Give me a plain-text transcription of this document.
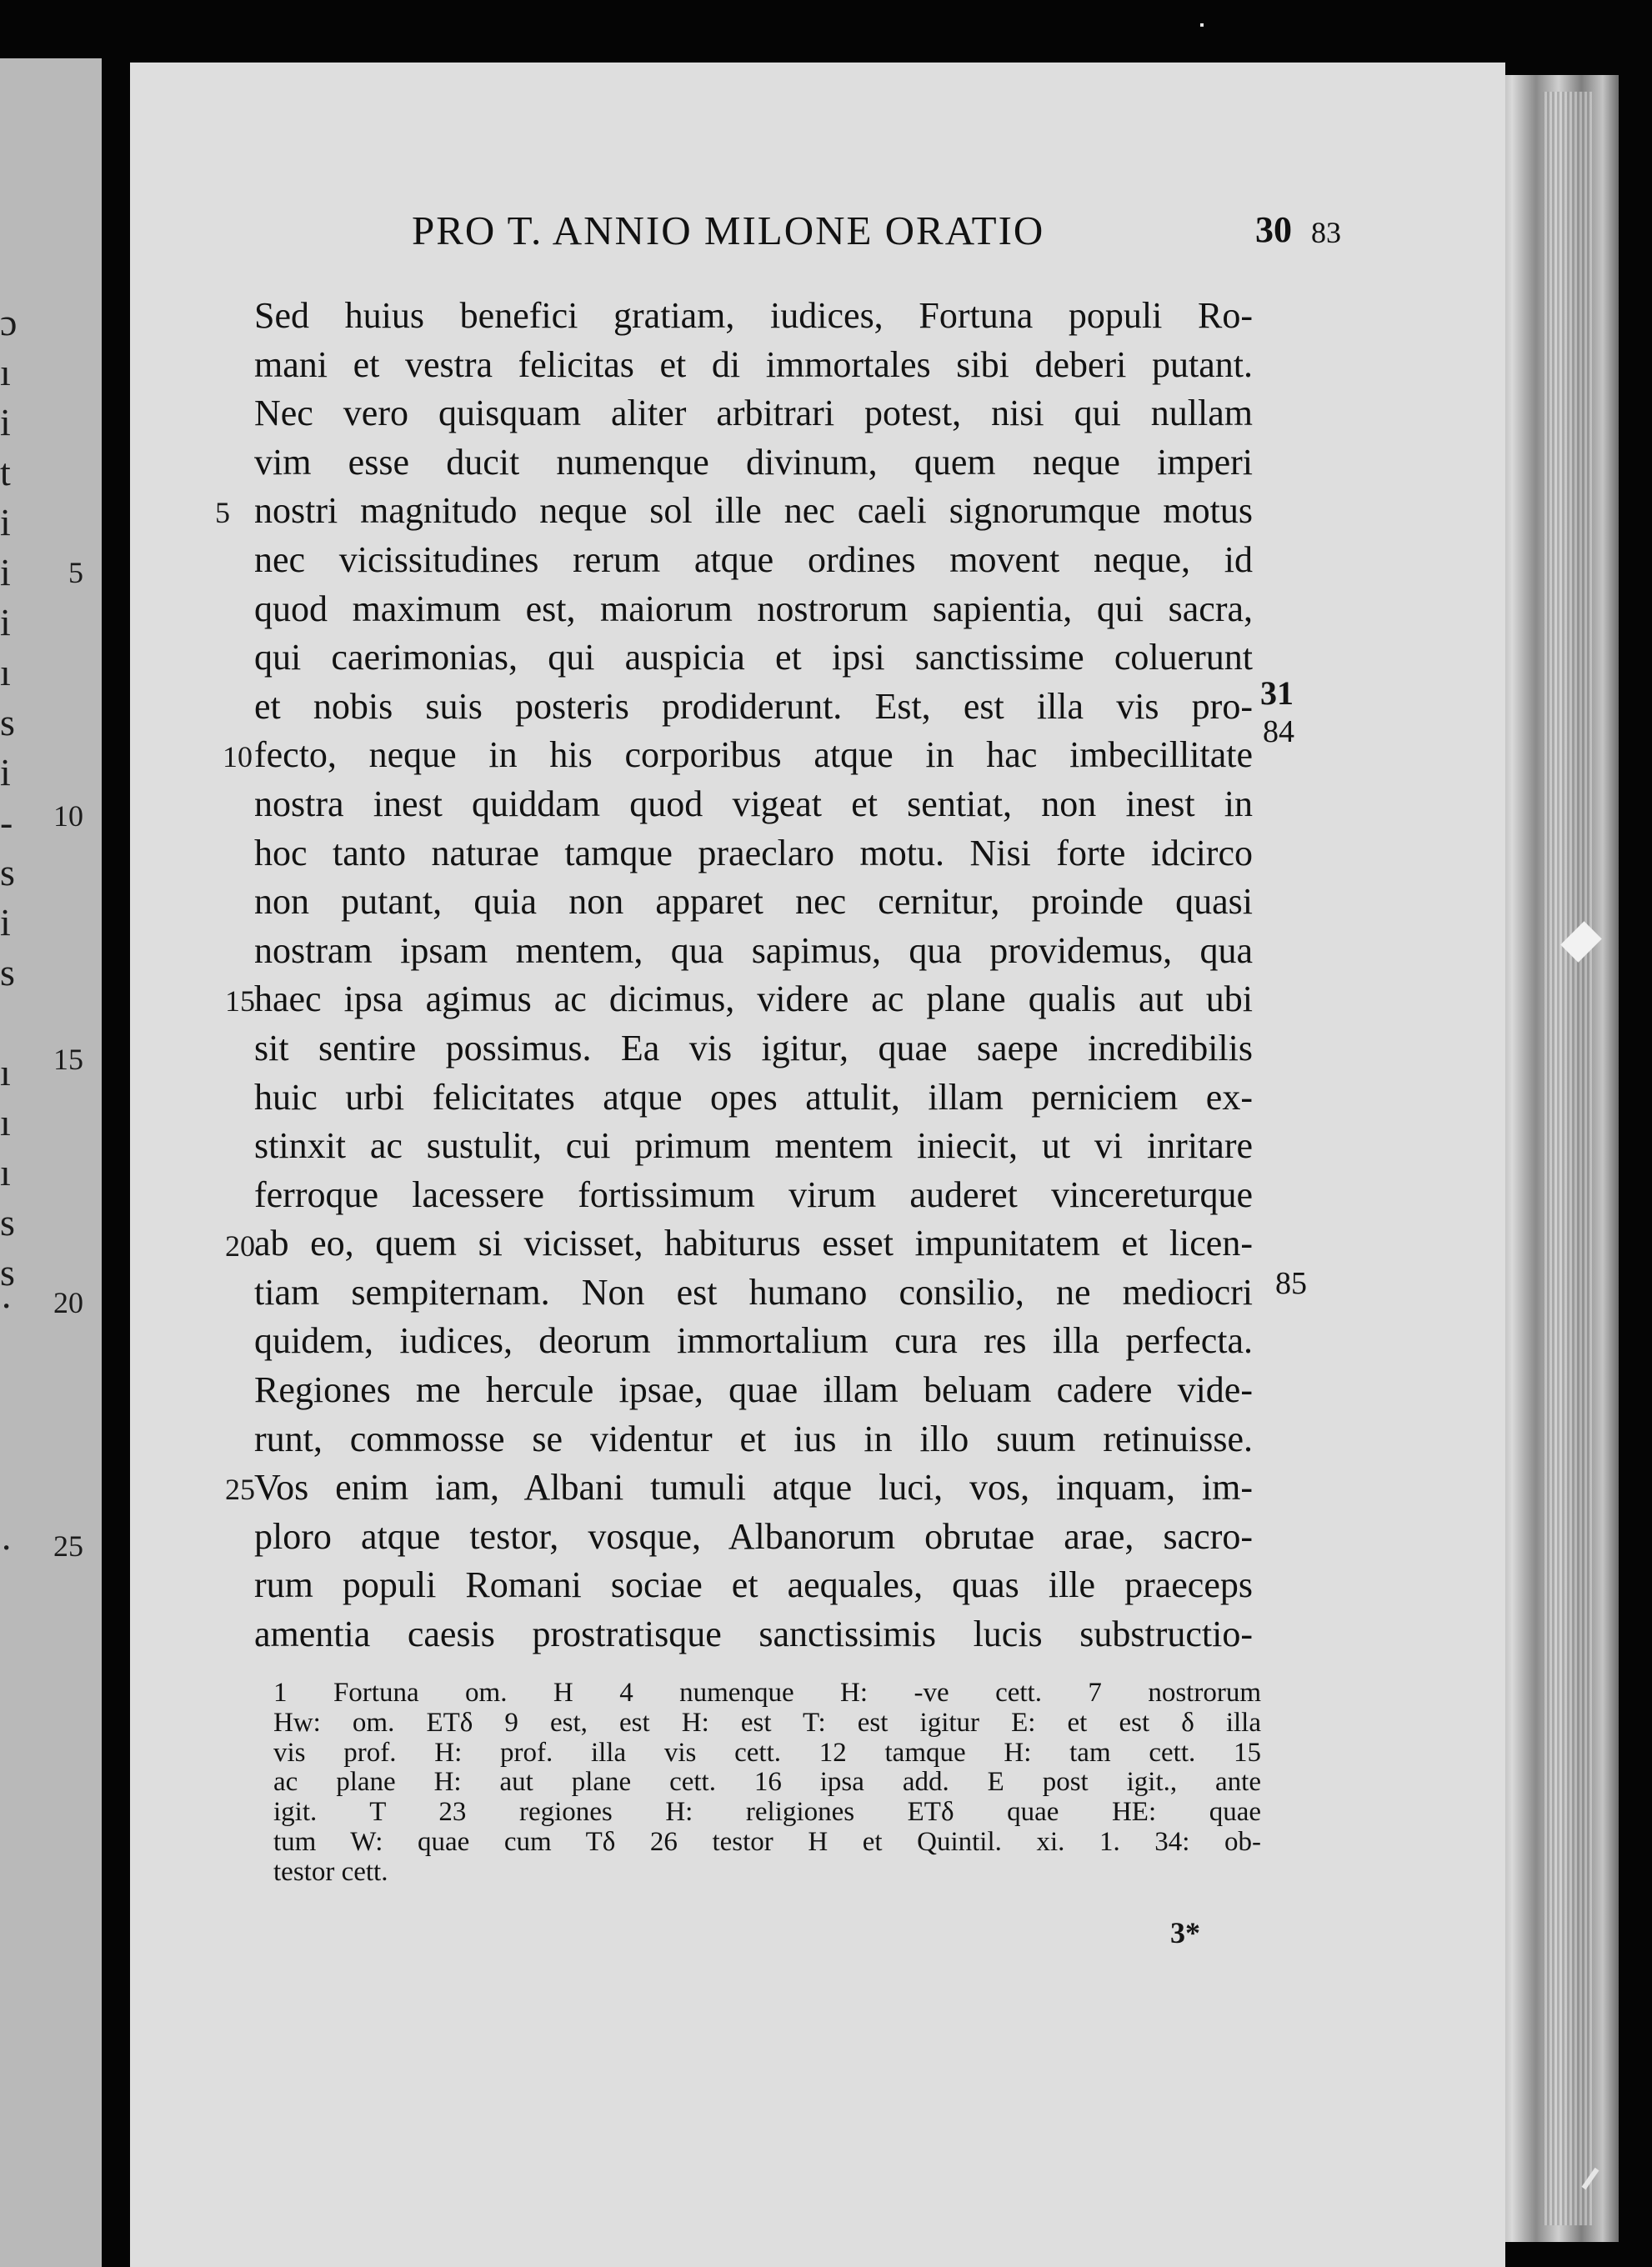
ɔ
ı
i
t
i
i
i
ı
s
i
-
s
i
s
ı
ı
ı
s
s
·
·
5
10
15
20
25
PRO T. ANNIO MILONE ORATIO	30 83
Sed huius benefici gratiam, iudices, Fortuna populi Ro-
mani et vestra felicitas et di immortales sibi deberi putant.
Nec vero quisquam aliter arbitrari potest, nisi qui nullam
vim esse ducit numenque divinum, quem neque imperi
nostri magnitudo neque sol ille nec caeli signorumque motus
nec vicissitudines rerum atque ordines movent neque, id
quod maximum est, maiorum nostrorum sapientia, qui sacra,
qui caerimonias, qui auspicia et ipsi sanctissime coluerunt
et nobis suis posteris prodiderunt. Est, est illa vis pro-
fecto, neque in his corporibus atque in hac imbecillitate
nostra inest quiddam quod vigeat et sentiat, non inest in
hoc tanto naturae tamque praeclaro motu. Nisi forte idcirco
non putant, quia non apparet nec cernitur, proinde quasi
nostram ipsam mentem, qua sapimus, qua providemus, qua
haec ipsa agimus ac dicimus, videre ac plane qualis aut ubi
sit sentire possimus. Ea vis igitur, quae saepe incredibilis
huic urbi felicitates atque opes attulit, illam perniciem ex-
stinxit ac sustulit, cui primum mentem iniecit, ut vi inritare
ferroque lacessere fortissimum virum auderet vincereturque
ab eo, quem si vicisset, habiturus esset impunitatem et licen-
tiam sempiternam. Non est humano consilio, ne mediocri
quidem, iudices, deorum immortalium cura res illa perfecta.
Regiones me hercule ipsae, quae illam beluam cadere vide-
runt, commosse se videntur et ius in illo suum retinuisse.
Vos enim iam, Albani tumuli atque luci, vos, inquam, im-
ploro atque testor, vosque, Albanorum obrutae arae, sacro-
rum populi Romani sociae et aequales, quas ille praeceps
amentia caesis prostratisque sanctissimis lucis substructio-
5
10
15
20
25
31
84
85
1 Fortuna om. H 4 numenque H: -ve cett. 7 nostrorum
Hw: om. ETδ 9 est, est H: est T: est igitur E: et est δ illa
vis prof. H: prof. illa vis cett. 12 tamque H: tam cett. 15
ac plane H: aut plane cett. 16 ipsa add. E post igit., ante
igit. T 23 regiones H: religiones ETδ quae HE: quae
tum W: quae cum Tδ 26 testor H et Quintil. xi. 1. 34: ob-
testor cett.
3*
